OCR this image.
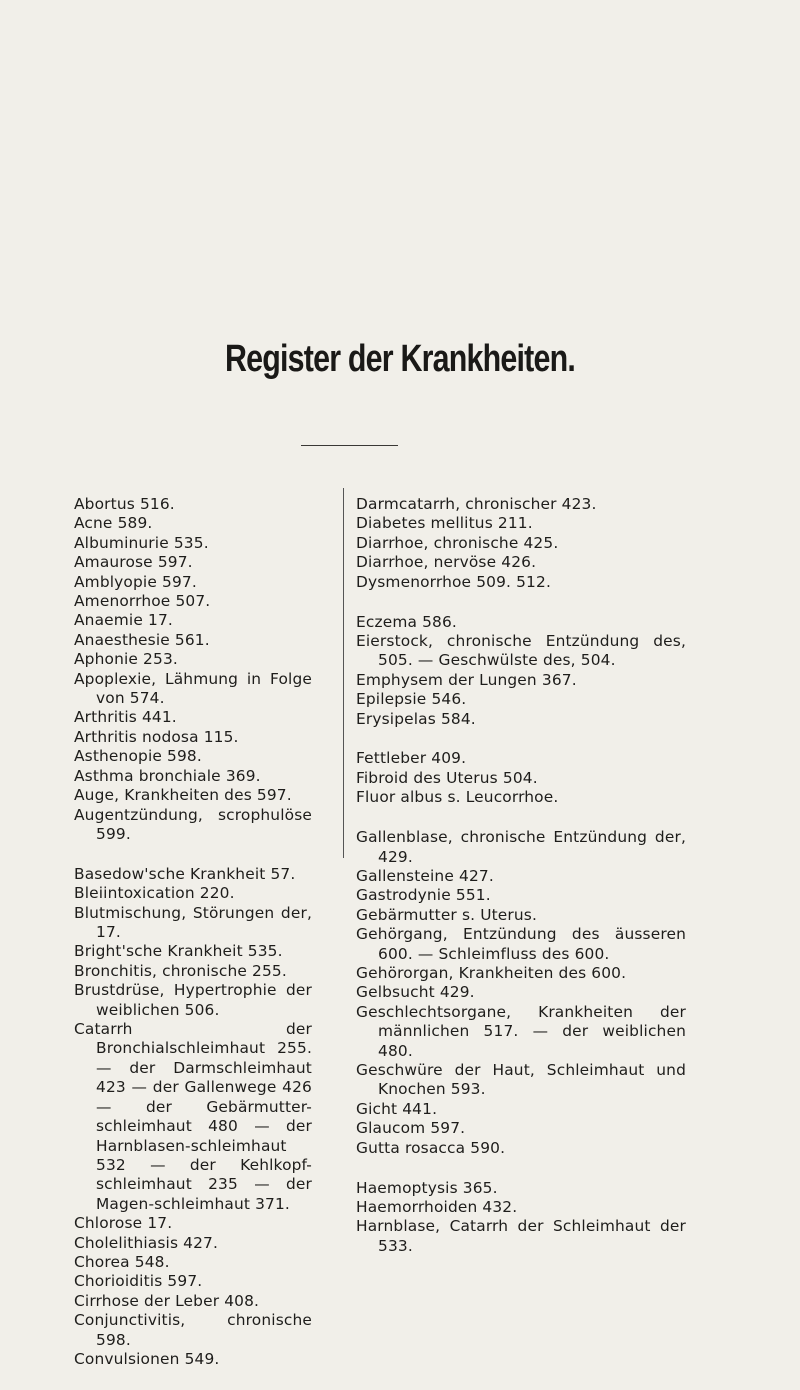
Register der Krankheiten.

Abortus 516.

Acne 589.

Albuminurie 535.

Amaurose 597.

Amblyopie 597.

Amenorrhoe 507.

Anaemie 17.

Anaesthesie 561.

Aphonie 253.

Apoplexie, Lähmung in Folge von 574.

Arthritis 441.

Arthritis nodosa 115.

Asthenopie 598.

Asthma bronchiale 369.

Auge, Krankheiten des 597.

Augentzündung, scrophulöse 599.

Basedow'sche Krankheit 57.

Bleiintoxication 220.

Blutmischung, Störungen der, 17.

Bright'sche Krankheit 535.

Bronchitis, chronische 255.

Brustdrüse, Hypertrophie der weiblichen 506.

Catarrh der Bronchialschleimhaut 255. — der Darmschleimhaut 423 — der Gallenwege 426 — der Gebärmutter-schleimhaut 480 — der Harnblasen-schleimhaut 532 — der Kehlkopf-schleimhaut 235 — der Magen-schleimhaut 371.

Chlorose 17.

Cholelithiasis 427.

Chorea 548.

Chorioiditis 597.

Cirrhose der Leber 408.

Conjunctivitis, chronische 598.

Convulsionen 549.

Darmcatarrh, chronischer 423.

Diabetes mellitus 211.

Diarrhoe, chronische 425.

Diarrhoe, nervöse 426.

Dysmenorrhoe 509. 512.

Eczema 586.

Eierstock, chronische Entzündung des, 505. — Geschwülste des, 504.

Emphysem der Lungen 367.

Epilepsie 546.

Erysipelas 584.

Fettleber 409.

Fibroid des Uterus 504.

Fluor albus s. Leucorrhoe.

Gallenblase, chronische Entzündung der, 429.

Gallensteine 427.

Gastrodynie 551.

Gebärmutter s. Uterus.

Gehörgang, Entzündung des äusseren 600. — Schleimfluss des 600.

Gehörorgan, Krankheiten des 600.

Gelbsucht 429.

Geschlechtsorgane, Krankheiten der männlichen 517. — der weiblichen 480.

Geschwüre der Haut, Schleimhaut und Knochen 593.

Gicht 441.

Glaucom 597.

Gutta rosacca 590.

Haemoptysis 365.

Haemorrhoiden 432.

Harnblase, Catarrh der Schleimhaut der 533.
